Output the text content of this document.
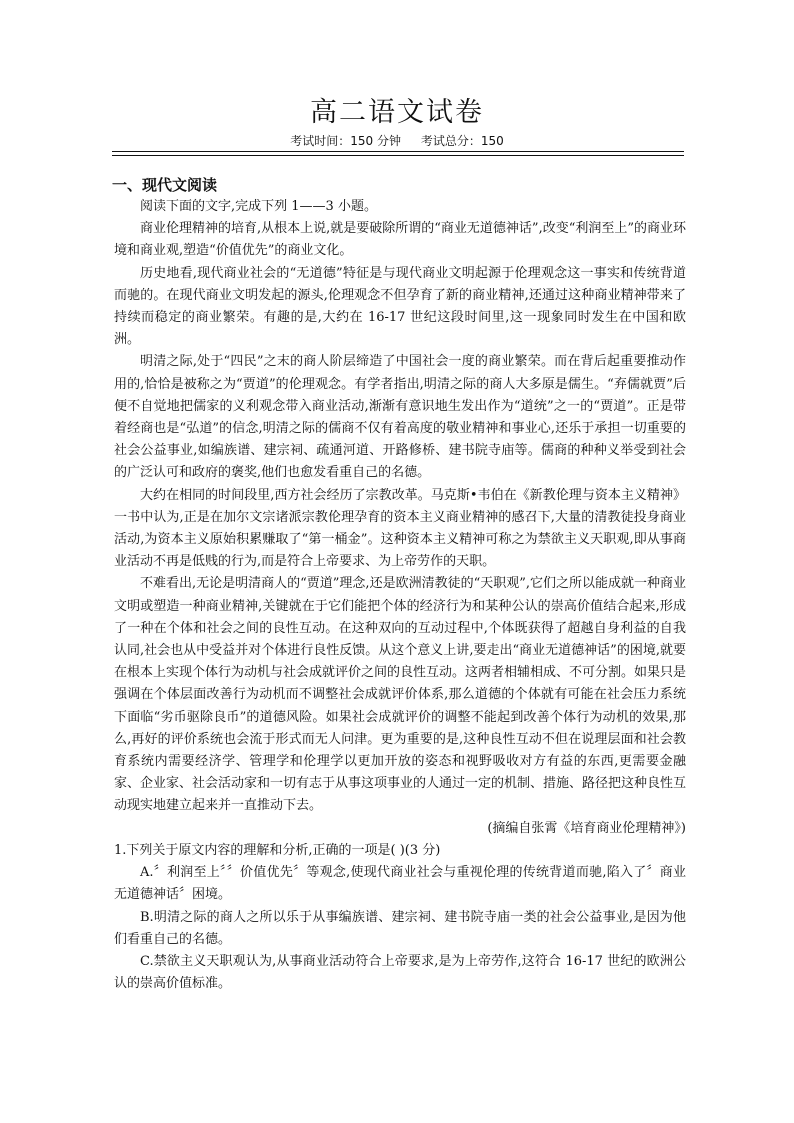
高二语文试卷
考试时间：150 分钟 考试总分：150
一、现代文阅读

阅读下面的文字,完成下列 1——3 小题。

商业伦理精神的培育,从根本上说,就是要破除所谓的“商业无道德神话”,改变“利润至上”的商业环境和商业观,塑造“价值优先”的商业文化。

历史地看,现代商业社会的“无道德”特征是与现代商业文明起源于伦理观念这一事实和传统背道而驰的。在现代商业文明发起的源头,伦理观念不但孕育了新的商业精神,还通过这种商业精神带来了持续而稳定的商业繁荣。有趣的是,大约在 16-17 世纪这段时间里,这一现象同时发生在中国和欧洲。

明清之际,处于“四民”之末的商人阶层缔造了中国社会一度的商业繁荣。而在背后起重要推动作用的,恰恰是被称之为“贾道”的伦理观念。有学者指出,明清之际的商人大多原是儒生。“弃儒就贾”后便不自觉地把儒家的义利观念带入商业活动,渐渐有意识地生发出作为“道统”之一的“贾道”。正是带着经商也是“弘道”的信念,明清之际的儒商不仅有着高度的敬业精神和事业心,还乐于承担一切重要的社会公益事业,如编族谱、建宗祠、疏通河道、开路修桥、建书院寺庙等。儒商的种种义举受到社会的广泛认可和政府的褒奖,他们也愈发看重自己的名德。

大约在相同的时间段里,西方社会经历了宗教改革。马克斯•韦伯在《新教伦理与资本主义精神》一书中认为,正是在加尔文宗诸派宗教伦理孕育的资本主义商业精神的感召下,大量的清教徒投身商业活动,为资本主义原始积累赚取了“第一桶金”。这种资本主义精神可称之为禁欲主义天职观,即从事商业活动不再是低贱的行为,而是符合上帝要求、为上帝劳作的天职。

不难看出,无论是明清商人的“贾道”理念,还是欧洲清教徒的“天职观”,它们之所以能成就一种商业文明或塑造一种商业精神,关键就在于它们能把个体的经济行为和某种公认的崇高价值结合起来,形成了一种在个体和社会之间的良性互动。在这种双向的互动过程中,个体既获得了超越自身利益的自我认同,社会也从中受益并对个体进行良性反馈。从这个意义上讲,要走出“商业无道德神话”的困境,就要在根本上实现个体行为动机与社会成就评价之间的良性互动。这两者相辅相成、不可分割。如果只是强调在个体层面改善行为动机而不调整社会成就评价体系,那么道德的个体就有可能在社会压力系统下面临“劣币驱除良币”的道德风险。如果社会成就评价的调整不能起到改善个体行为动机的效果,那么,再好的评价系统也会流于形式而无人问津。更为重要的是,这种良性互动不但在说理层面和社会教育系统内需要经济学、管理学和伦理学以更加开放的姿态和视野吸收对方有益的东西,更需要金融家、企业家、社会活动家和一切有志于从事这项事业的人通过一定的机制、措施、路径把这种良性互动现实地建立起来并一直推动下去。

(摘编自张霄《培育商业伦理精神》)

1.下列关于原文内容的理解和分析,正确的一项是( )(3 分)

A.〞利润至上〞〞价值优先〞等观念,使现代商业社会与重视伦理的传统背道而驰,陷入了〞商业无道德神话〞困境。

B.明清之际的商人之所以乐于从事编族谱、建宗祠、建书院寺庙一类的社会公益事业,是因为他们看重自己的名德。

C.禁欲主义天职观认为,从事商业活动符合上帝要求,是为上帝劳作,这符合 16-17 世纪的欧洲公认的崇高价值标准。
